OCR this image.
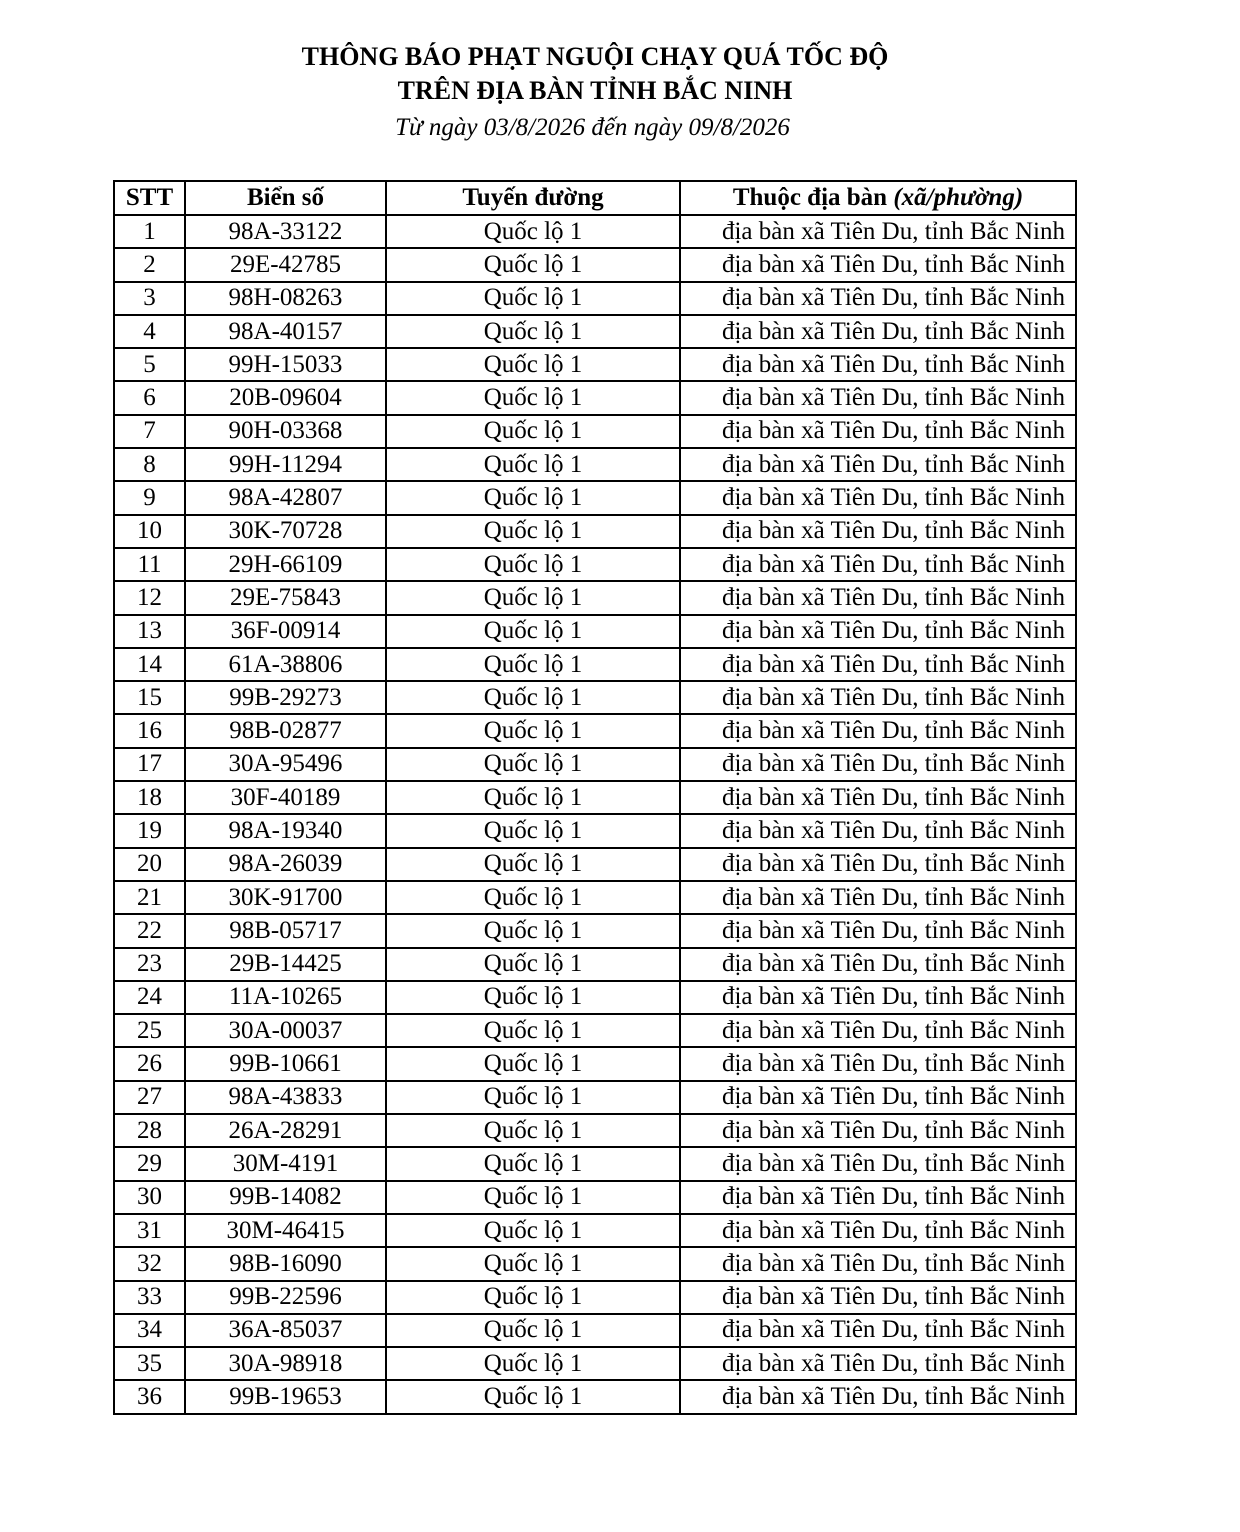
THÔNG BÁO PHẠT NGUỘI CHẠY QUÁ TỐC ĐỘ
TRÊN ĐỊA BÀN TỈNH BẮC NINH
Từ ngày 03/8/2026 đến ngày 09/8/2026
STT	Biển số	Tuyến đường	Thuộc địa bàn (xã/phường)
1	98A-33122	Quốc lộ 1	địa bàn xã Tiên Du, tỉnh Bắc Ninh
2	29E-42785	Quốc lộ 1	địa bàn xã Tiên Du, tỉnh Bắc Ninh
3	98H-08263	Quốc lộ 1	địa bàn xã Tiên Du, tỉnh Bắc Ninh
4	98A-40157	Quốc lộ 1	địa bàn xã Tiên Du, tỉnh Bắc Ninh
5	99H-15033	Quốc lộ 1	địa bàn xã Tiên Du, tỉnh Bắc Ninh
6	20B-09604	Quốc lộ 1	địa bàn xã Tiên Du, tỉnh Bắc Ninh
7	90H-03368	Quốc lộ 1	địa bàn xã Tiên Du, tỉnh Bắc Ninh
8	99H-11294	Quốc lộ 1	địa bàn xã Tiên Du, tỉnh Bắc Ninh
9	98A-42807	Quốc lộ 1	địa bàn xã Tiên Du, tỉnh Bắc Ninh
10	30K-70728	Quốc lộ 1	địa bàn xã Tiên Du, tỉnh Bắc Ninh
11	29H-66109	Quốc lộ 1	địa bàn xã Tiên Du, tỉnh Bắc Ninh
12	29E-75843	Quốc lộ 1	địa bàn xã Tiên Du, tỉnh Bắc Ninh
13	36F-00914	Quốc lộ 1	địa bàn xã Tiên Du, tỉnh Bắc Ninh
14	61A-38806	Quốc lộ 1	địa bàn xã Tiên Du, tỉnh Bắc Ninh
15	99B-29273	Quốc lộ 1	địa bàn xã Tiên Du, tỉnh Bắc Ninh
16	98B-02877	Quốc lộ 1	địa bàn xã Tiên Du, tỉnh Bắc Ninh
17	30A-95496	Quốc lộ 1	địa bàn xã Tiên Du, tỉnh Bắc Ninh
18	30F-40189	Quốc lộ 1	địa bàn xã Tiên Du, tỉnh Bắc Ninh
19	98A-19340	Quốc lộ 1	địa bàn xã Tiên Du, tỉnh Bắc Ninh
20	98A-26039	Quốc lộ 1	địa bàn xã Tiên Du, tỉnh Bắc Ninh
21	30K-91700	Quốc lộ 1	địa bàn xã Tiên Du, tỉnh Bắc Ninh
22	98B-05717	Quốc lộ 1	địa bàn xã Tiên Du, tỉnh Bắc Ninh
23	29B-14425	Quốc lộ 1	địa bàn xã Tiên Du, tỉnh Bắc Ninh
24	11A-10265	Quốc lộ 1	địa bàn xã Tiên Du, tỉnh Bắc Ninh
25	30A-00037	Quốc lộ 1	địa bàn xã Tiên Du, tỉnh Bắc Ninh
26	99B-10661	Quốc lộ 1	địa bàn xã Tiên Du, tỉnh Bắc Ninh
27	98A-43833	Quốc lộ 1	địa bàn xã Tiên Du, tỉnh Bắc Ninh
28	26A-28291	Quốc lộ 1	địa bàn xã Tiên Du, tỉnh Bắc Ninh
29	30M-4191	Quốc lộ 1	địa bàn xã Tiên Du, tỉnh Bắc Ninh
30	99B-14082	Quốc lộ 1	địa bàn xã Tiên Du, tỉnh Bắc Ninh
31	30M-46415	Quốc lộ 1	địa bàn xã Tiên Du, tỉnh Bắc Ninh
32	98B-16090	Quốc lộ 1	địa bàn xã Tiên Du, tỉnh Bắc Ninh
33	99B-22596	Quốc lộ 1	địa bàn xã Tiên Du, tỉnh Bắc Ninh
34	36A-85037	Quốc lộ 1	địa bàn xã Tiên Du, tỉnh Bắc Ninh
35	30A-98918	Quốc lộ 1	địa bàn xã Tiên Du, tỉnh Bắc Ninh
36	99B-19653	Quốc lộ 1	địa bàn xã Tiên Du, tỉnh Bắc Ninh
